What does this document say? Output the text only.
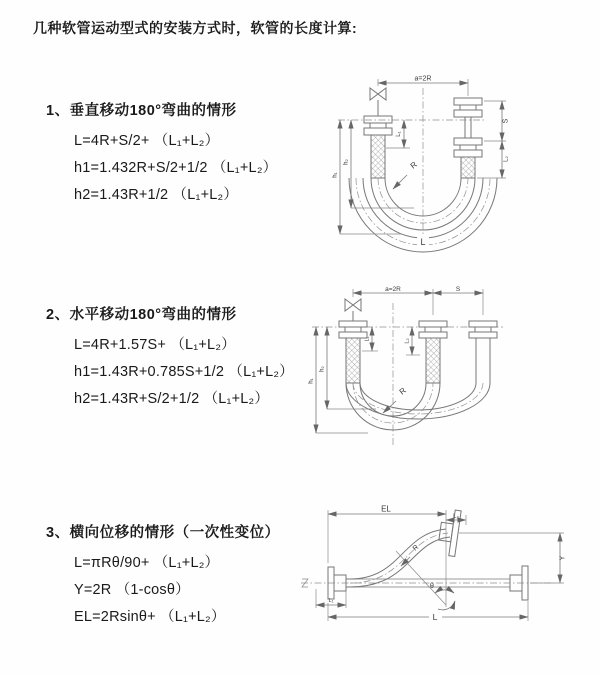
几种软管运动型式的安装方式时，软管的长度计算:
1、垂直移动180°弯曲的情形
L=4R+S/2+ （L₁+L₂）
h1=1.432R+S/2+1/2 （L₁+L₂）
h2=1.43R+1/2 （L₁+L₂）
2、水平移动180°弯曲的情形
L=4R+1.57S+ （L₁+L₂）
h1=1.43R+0.785S+1/2 （L₁+L₂）
h2=1.43R+S/2+1/2 （L₁+L₂）
3、横向位移的情形（一次性变位）
L=πRθ/90+ （L₁+L₂）
Y=2R （1-cosθ）
EL=2Rsinθ+ （L₁+L₂）
a=2R
S
L₂
h₁
h₂
L₁
R
L
a=2R	S
h₁
h₂
L₁	L₂
R
EL
L₂
Y
θ
R
L₁
L
